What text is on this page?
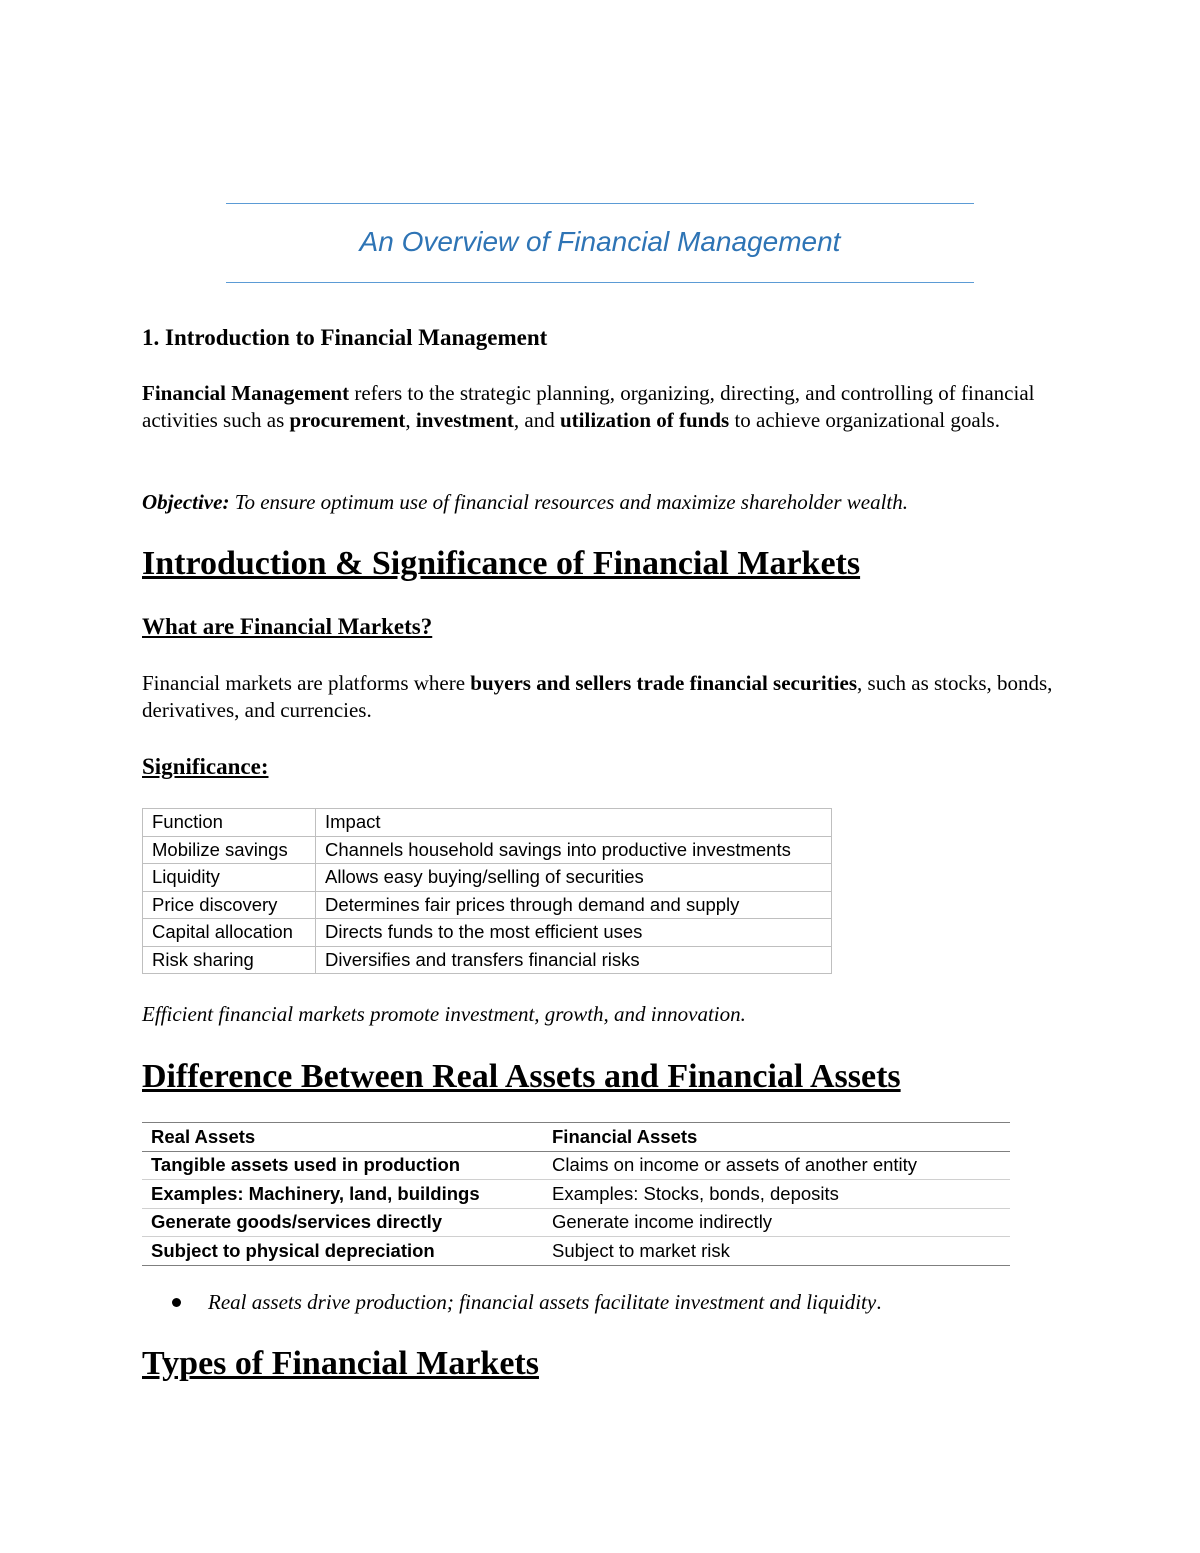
An Overview of Financial Management
1. Introduction to Financial Management
Financial Management refers to the strategic planning, organizing, directing, and controlling of financial activities such as procurement, investment, and utilization of funds to achieve organizational goals.
Objective: To ensure optimum use of financial resources and maximize shareholder wealth.
Introduction & Significance of Financial Markets
What are Financial Markets?
Financial markets are platforms where buyers and sellers trade financial securities, such as stocks, bonds, derivatives, and currencies.
Significance:
Function	Impact
Mobilize savings	Channels household savings into productive investments
Liquidity	Allows easy buying/selling of securities
Price discovery	Determines fair prices through demand and supply
Capital allocation	Directs funds to the most efficient uses
Risk sharing	Diversifies and transfers financial risks
Efficient financial markets promote investment, growth, and innovation.
Difference Between Real Assets and Financial Assets
Real Assets	Financial Assets
Tangible assets used in production	Claims on income or assets of another entity
Examples: Machinery, land, buildings	Examples: Stocks, bonds, deposits
Generate goods/services directly	Generate income indirectly
Subject to physical depreciation	Subject to market risk
Real assets drive production; financial assets facilitate investment and liquidity.
Types of Financial Markets
